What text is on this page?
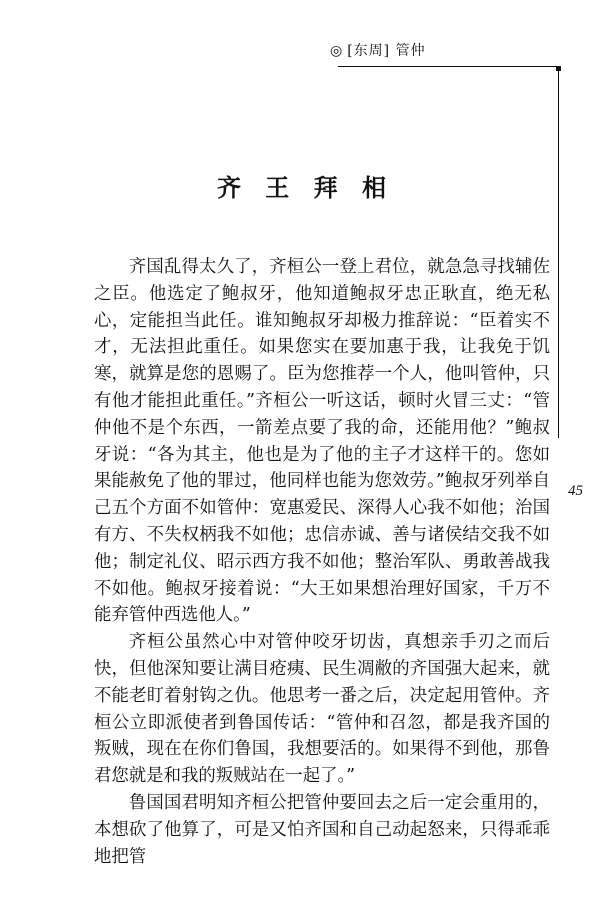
◎ [东周] 管仲
45
齐 王 拜 相

齐国乱得太久了，齐桓公一登上君位，就急急寻找辅佐之臣。他选定了鲍叔牙，他知道鲍叔牙忠正耿直，绝无私心，定能担当此任。谁知鲍叔牙却极力推辞说：“臣着实不才，无法担此重任。如果您实在要加惠于我，让我免于饥寒，就算是您的恩赐了。臣为您推荐一个人，他叫管仲，只有他才能担此重任。”齐桓公一听这话，顿时火冒三丈：“管仲他不是个东西，一箭差点要了我的命，还能用他？”鲍叔牙说：“各为其主，他也是为了他的主子才这样干的。您如果能赦免了他的罪过，他同样也能为您效劳。”鲍叔牙列举自己五个方面不如管仲：宽惠爱民、深得人心我不如他；治国有方、不失权柄我不如他；忠信赤诚、善与诸侯结交我不如他；制定礼仪、昭示西方我不如他；整治军队、勇敢善战我不如他。鲍叔牙接着说：“大王如果想治理好国家，千万不能弃管仲西选他人。”

齐桓公虽然心中对管仲咬牙切齿，真想亲手刃之而后快，但他深知要让满目疮痍、民生凋敝的齐国强大起来，就不能老盯着射钩之仇。他思考一番之后，决定起用管仲。齐桓公立即派使者到鲁国传话：“管仲和召忽，都是我齐国的叛贼，现在在你们鲁国，我想要活的。如果得不到他，那鲁君您就是和我的叛贼站在一起了。”

鲁国国君明知齐桓公把管仲要回去之后一定会重用的，本想砍了他算了，可是又怕齐国和自己动起怒来，只得乖乖地把管
